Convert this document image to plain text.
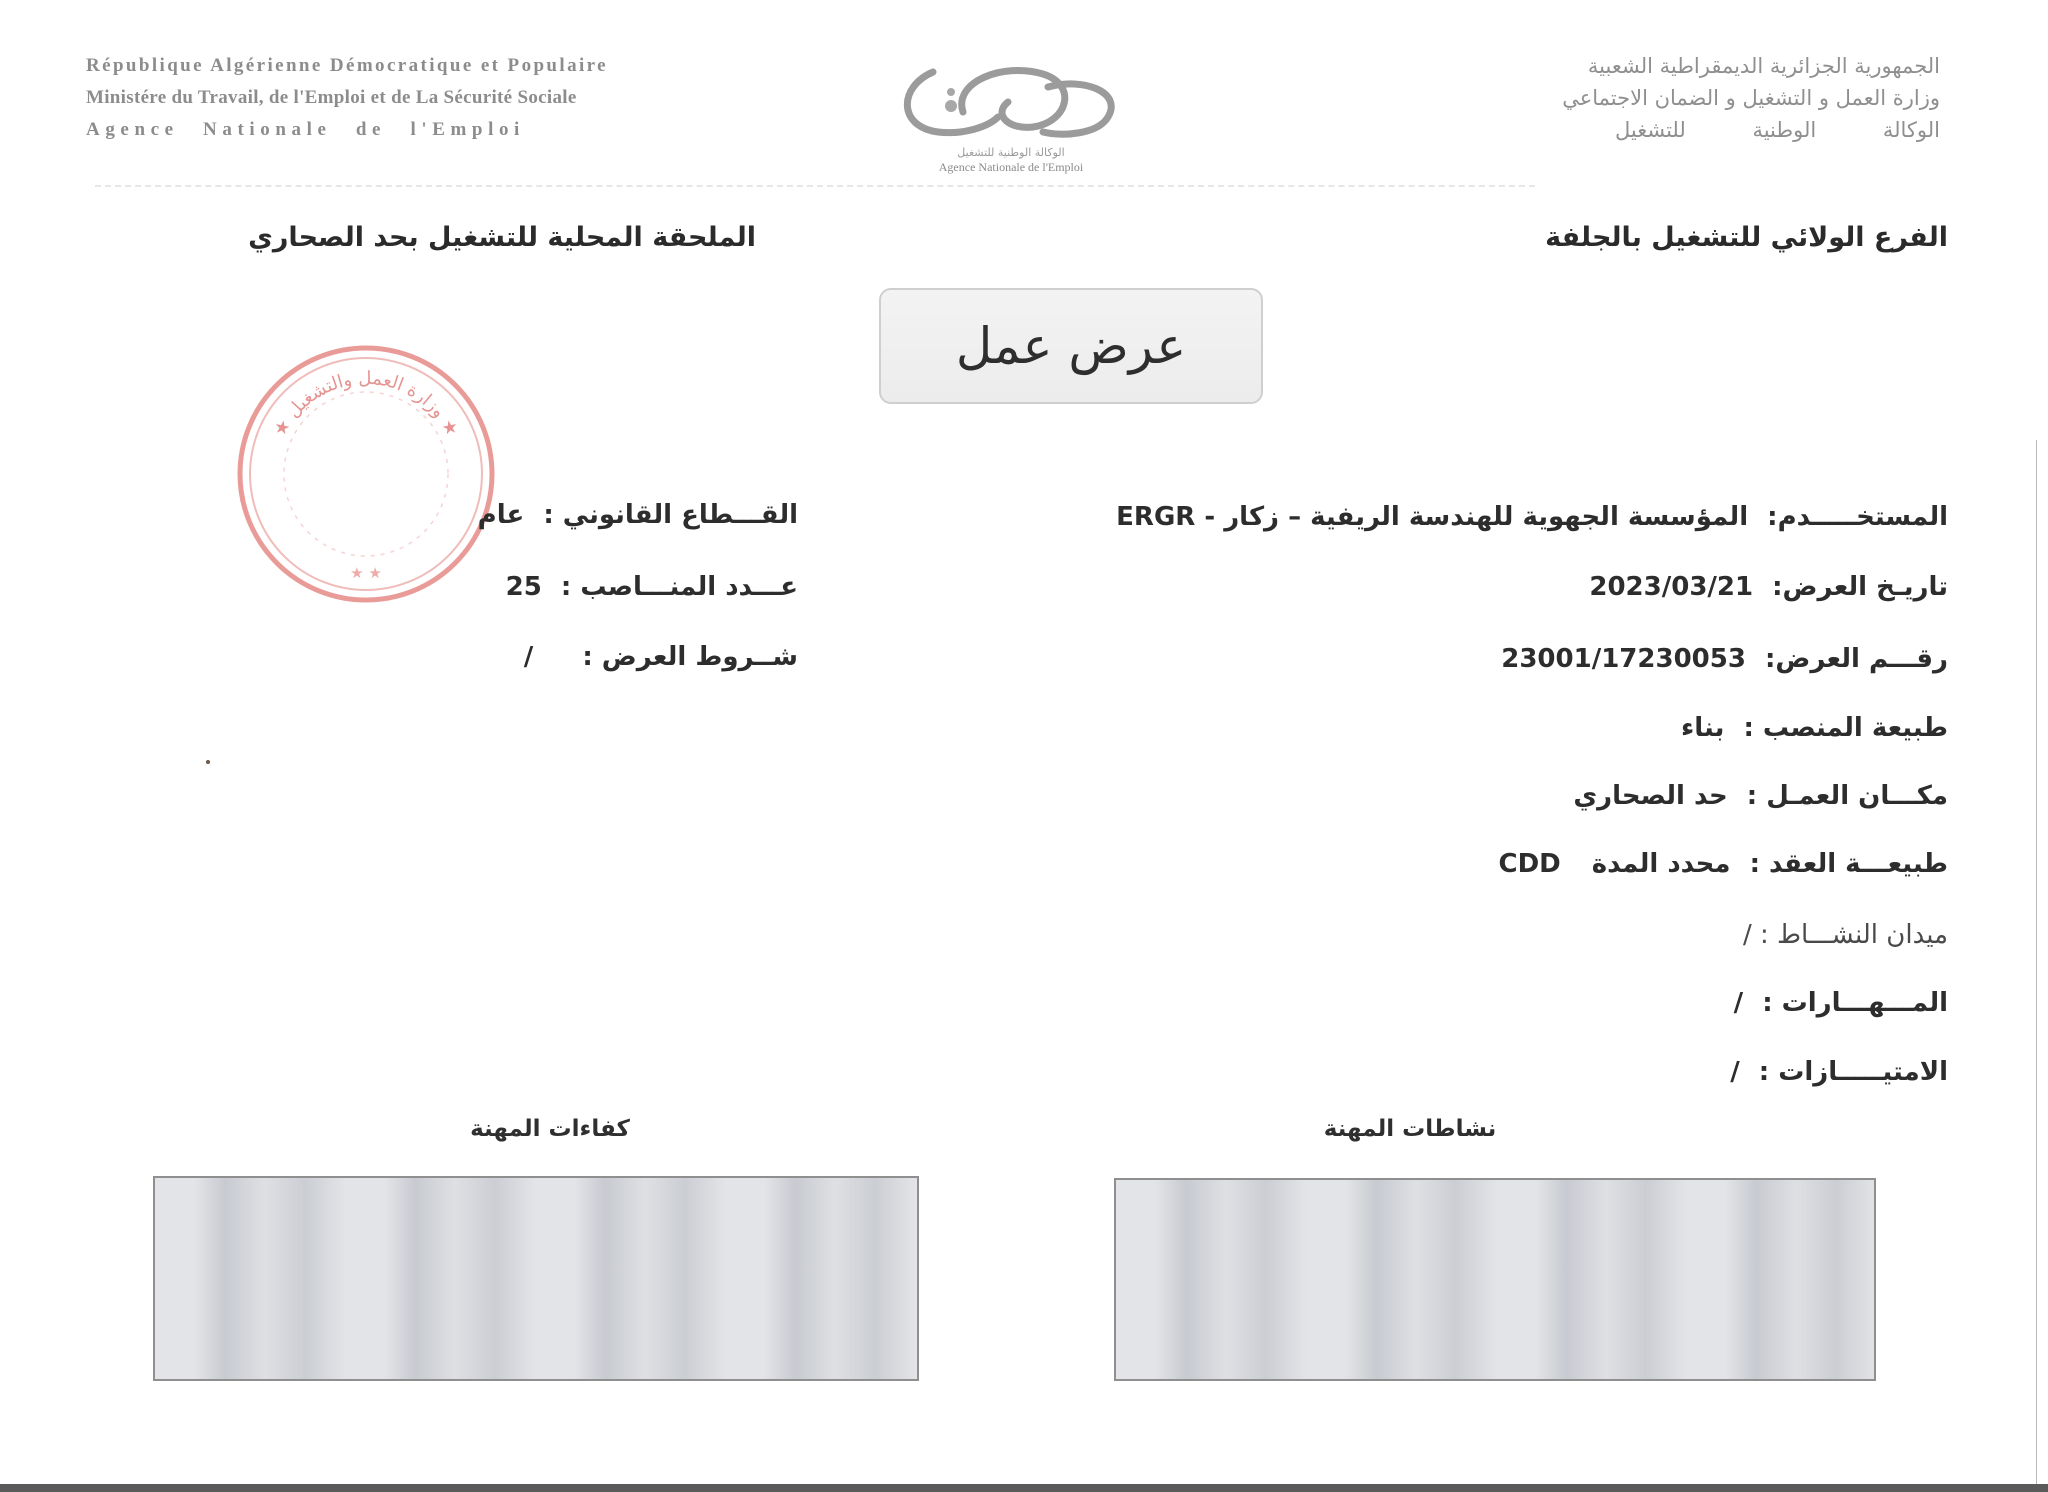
République Algérienne Démocratique et Populaire
Ministére du Travail, de l'Emploi et de La Sécurité Sociale
Agence Nationale de l'Emploi
الوكالة الوطنية للتشغيل
Agence Nationale de l'Emploi
الجمهورية الجزائرية الديمقراطية الشعبية
وزارة العمل و التشغيل و الضمان الاجتماعي
الوكالة الوطنية للتشغيل
الفرع الولائي للتشغيل بالجلفة
الملحقة المحلية للتشغيل بحد الصحاري
عرض عمل
★ وزارة العمل والتشغيل ★
★ ★
المستخـــــدم: المؤسسة الجهوية للهندسة الريفية – زكار - ERGR
تاريـخ العرض: 2023/03/21
رقـــم العرض: 23001/17230053
طبيعة المنصب : بناء
مكـــان العمـل : حد الصحاري
طبيعـــة العقد : محدد المدة CDD
ميدان النشـــاط : /
المـــهـــارات : /
الامتيـــــازات : /
القـــطاع القانوني : عام
عـــدد المنـــاصب : 25
شــروط العرض : /
نشاطات المهنة
كفاءات المهنة
